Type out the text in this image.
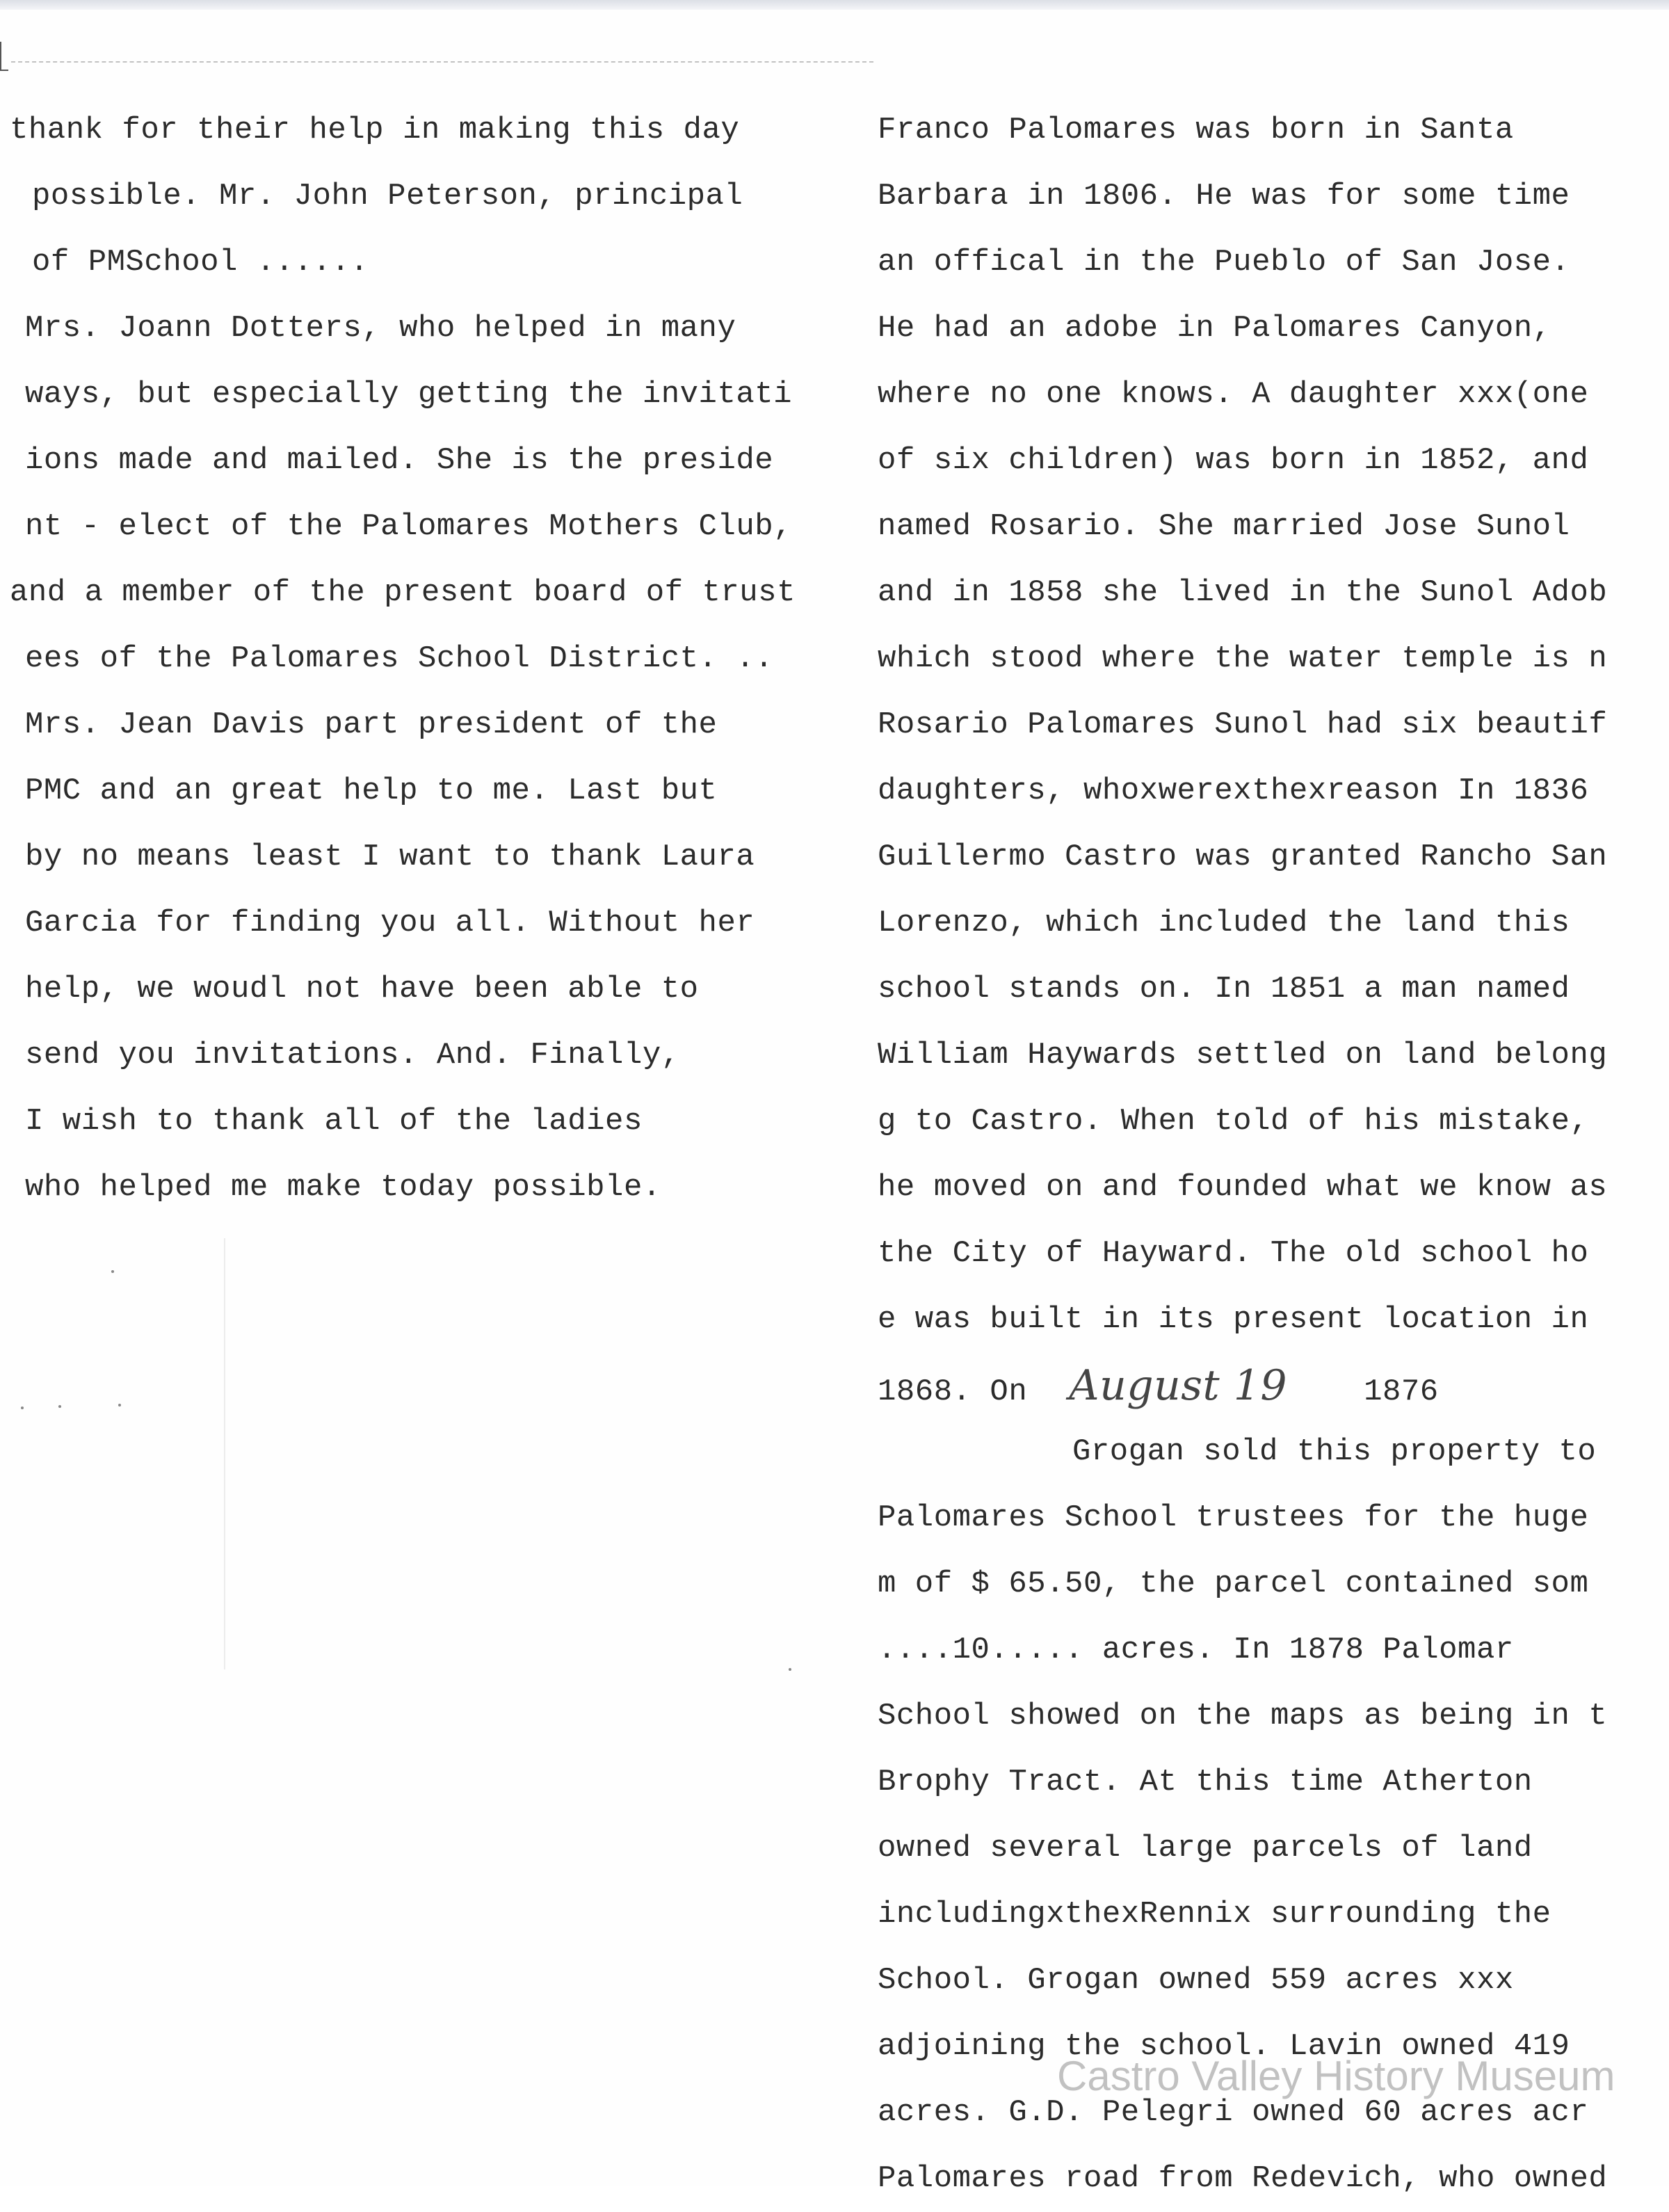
thank for their help in making this day
possible. Mr. John Peterson, principal
of PMSchool ......
Mrs. Joann Dotters, who helped in many
ways, but especially getting the invitati
ions made and mailed. She is the preside
nt - elect of the Palomares Mothers Club,
and a member of the present board of trust
ees of the Palomares School District. ..
Mrs. Jean Davis part president of the
PMC and an great help to me. Last but
by no means least I want to thank Laura
Garcia for finding you all. Without her
help, we woudl not have been able to
send you invitations. And. Finally,
I wish to thank all of the ladies
who helped me make today possible.
Franco Palomares was born in Santa
Barbara in 1806. He was for some time
an offical in the Pueblo of San Jose.
He had an adobe in Palomares Canyon,
where no one knows. A daughter xxx(one
of six children) was born in 1852, and
named Rosario. She married Jose Sunol
and in 1858 she lived in the Sunol Adob
which stood where the water temple is n
Rosario Palomares Sunol had six beautif
daughters, whoxwerexthexreason In 1836
Guillermo Castro was granted Rancho San
Lorenzo, which included the land this
school stands on. In 1851 a man named
William Haywards settled on land belong
g to Castro. When told of his mistake,
he moved on and founded what we know as
the City of Hayward. The old school ho
e was built in its present location in
1868. On August 19	1876
Grogan sold this property to
Palomares School trustees for the huge
m of $ 65.50, the parcel contained som
....10..... acres. In 1878 Palomar
School showed on the maps as being in t
Brophy Tract. At this time Atherton
owned several large parcels of land
includingxthexRennix surrounding the
School. Grogan owned 559 acres xxx
adjoining the school. Lavin owned 419
acres. G.D. Pelegri owned 60 acres acr
Palomares road from Redevich, who owned
Castro Valley History Museum
